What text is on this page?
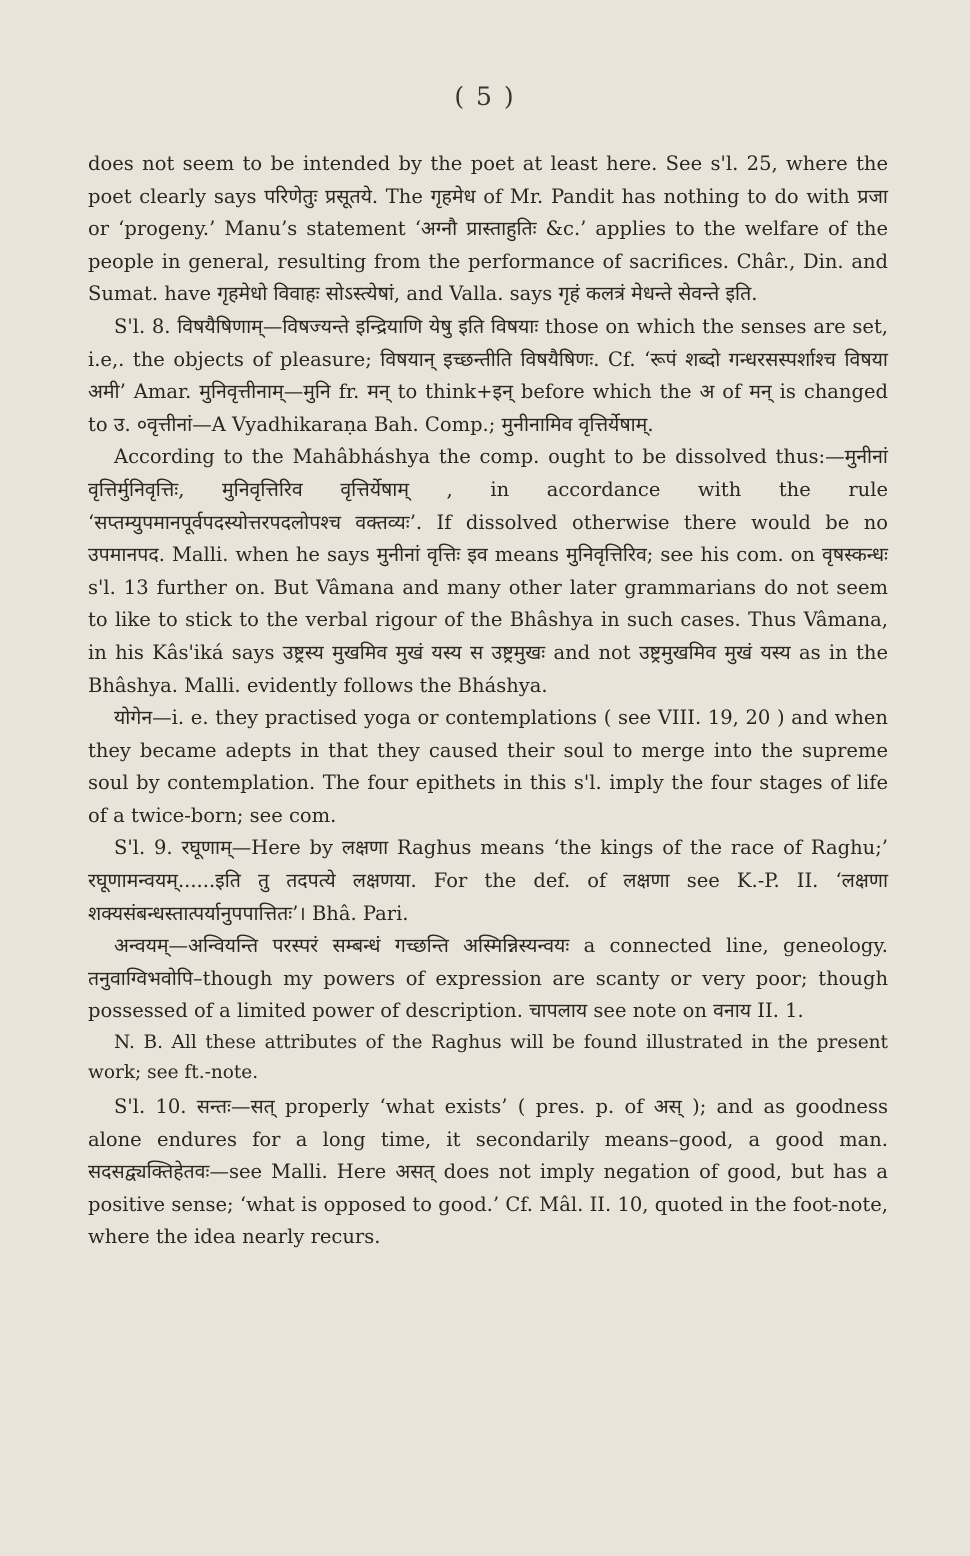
( 5 )

does not seem to be intended by the poet at least here. See s'l. 25, where the poet clearly says परिणेतुः प्रसूतये. The गृहमेध of Mr. Pandit has nothing to do with प्रजा or ‘progeny.’ Manu’s statement ‘अग्नौ प्रास्ताहुतिः &c.’ applies to the welfare of the people in general, resulting from the performance of sacrifices. Châr., Din. and Sumat. have गृहमेधो विवाहः सोऽस्त्येषां, and Valla. says गृहं कलत्रं मेधन्ते सेवन्ते इति.

S'l. 8. विषयैषिणाम्—विषज्यन्ते इन्द्रियाणि येषु इति विषयाः those on which the senses are set, i.e,. the objects of pleasure; विषयान् इच्छन्तीति विषयैषिणः. Cf. ‘रूपं शब्दो गन्धरसस्पर्शाश्च विषया अमी’ Amar. मुनिवृत्तीनाम्—मुनि fr. मन् to think+इन् before which the अ of मन् is changed to उ. ०वृत्तीनां—A Vyadhikaraṇa Bah. Comp.; मुनीनामिव वृत्तिर्येषाम्.

According to the Mahâbháshya the comp. ought to be dissolved thus:—मुनीनां वृत्तिर्मुनिवृत्तिः, मुनिवृत्तिरिव वृत्तिर्येषाम् , in accordance with the rule ‘सप्तम्युपमानपूर्वपदस्योत्तरपदलोपश्च वक्तव्यः’. If dissolved otherwise there would be no उपमानपद. Malli. when he says मुनीनां वृत्तिः इव means मुनिवृत्तिरिव; see his com. on वृषस्कन्धः s'l. 13 further on. But Vâmana and many other later grammarians do not seem to like to stick to the verbal rigour of the Bhâshya in such cases. Thus Vâmana, in his Kâs'iká says उष्ट्रस्य मुखमिव मुखं यस्य स उष्ट्रमुखः and not उष्ट्रमुखमिव मुखं यस्य as in the Bhâshya. Malli. evidently follows the Bháshya.

योगेन—i. e. they practised yoga or contemplations ( see VIII. 19, 20 ) and when they became adepts in that they caused their soul to merge into the supreme soul by contemplation. The four epithets in this s'l. imply the four stages of life of a twice-born; see com.

S'l. 9. रघूणाम्—Here by लक्षणा Raghus means ‘the kings of the race of Raghu;’ रघूणामन्वयम्......इति तु तदपत्ये लक्षणया. For the def. of लक्षणा see K.-P. II. ‘लक्षणा शक्यसंबन्धस्तात्पर्यानुपपात्तितः’। Bhâ. Pari.

अन्वयम्—अन्वियन्ति परस्परं सम्बन्धं गच्छन्ति अस्मिन्निस्यन्वयः a connected line, geneology. तनुवाग्विभवोपि–though my powers of expression are scanty or very poor; though possessed of a limited power of description. चापलाय see note on वनाय II. 1.

N. B. All these attributes of the Raghus will be found illustrated in the present work; see ft.-note.

S'l. 10. सन्तः—सत् properly ‘what exists’ ( pres. p. of अस् ); and as goodness alone endures for a long time, it secondarily means–good, a good man. सदसद्व्यक्तिहेतवः—see Malli. Here असत् does not imply negation of good, but has a positive sense; ‘what is opposed to good.’ Cf. Mâl. II. 10, quoted in the foot-note, where the idea nearly recurs.
